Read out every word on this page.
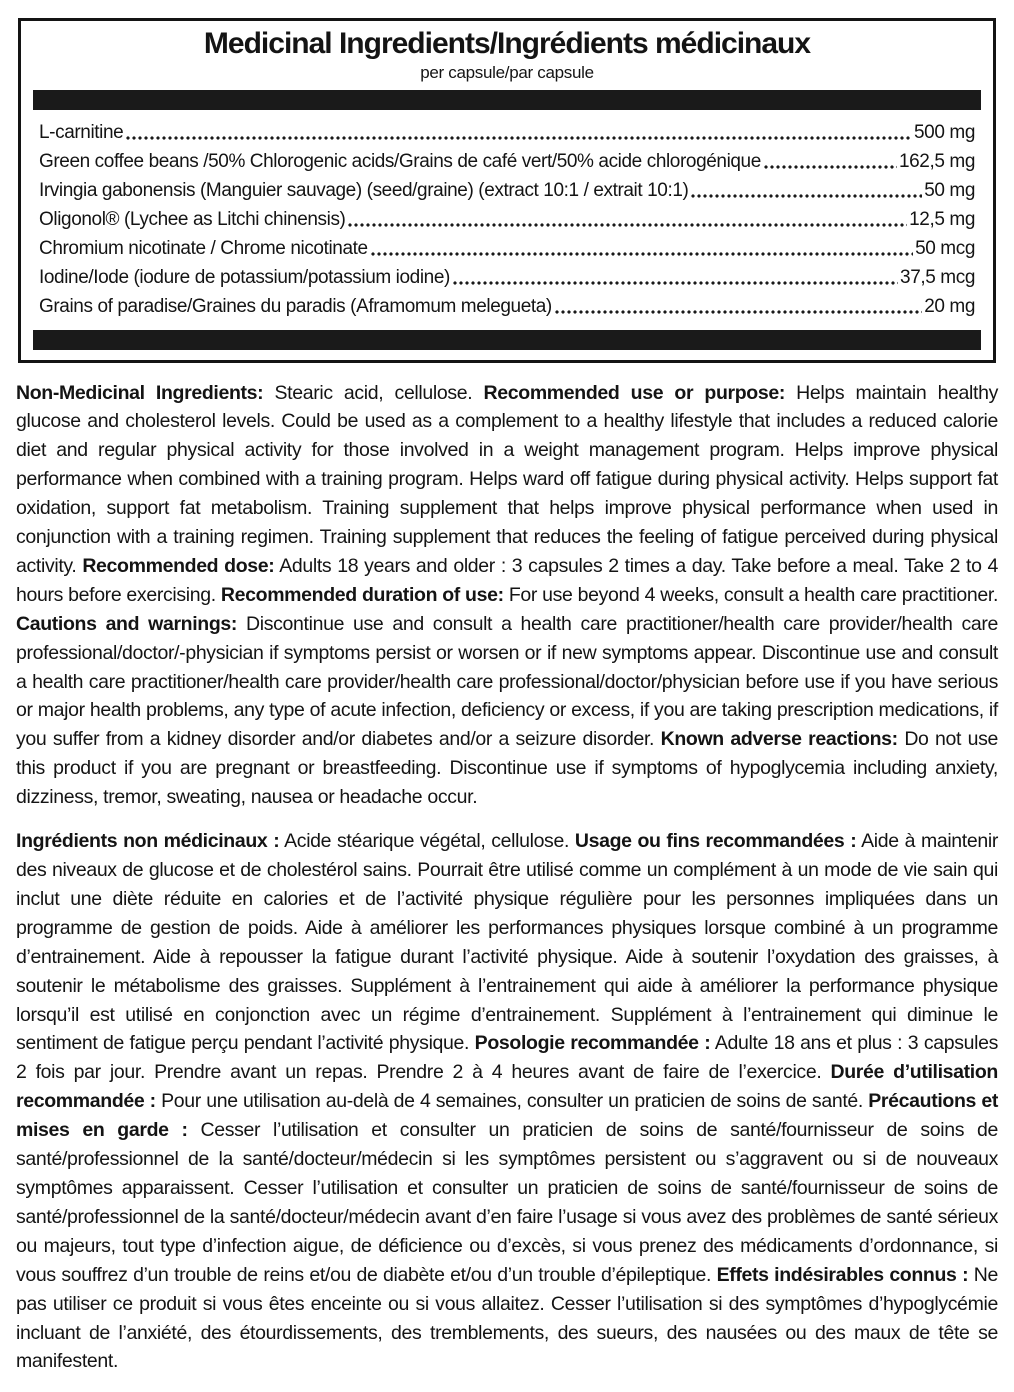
Medicinal Ingredients/Ingrédients médicinaux
per capsule/par capsule
L-carnitine	500 mg
Green coffee beans /50% Chlorogenic acids/Grains de café vert/50% acide chlorogénique	162,5 mg
Irvingia gabonensis (Manguier sauvage) (seed/graine) (extract 10:1 / extrait 10:1)	50 mg
Oligonol® (Lychee as Litchi chinensis)	12,5 mg
Chromium nicotinate / Chrome nicotinate	50 mcg
Iodine/Iode (iodure de potassium/potassium iodine)	37,5 mcg
Grains of paradise/Graines du paradis (Aframomum melegueta)	20 mg

Non-Medicinal Ingredients: Stearic acid, cellulose. Recommended use or purpose: Helps maintain healthy glucose and cholesterol levels. Could be used as a complement to a healthy lifestyle that includes a reduced calorie diet and regular physical activity for those involved in a weight management program. Helps improve physical performance when combined with a training program. Helps ward off fatigue during physical activity. Helps support fat oxidation, support fat metabolism. Training supplement that helps improve physical performance when used in conjunction with a training regimen. Training supplement that reduces the feeling of fatigue perceived during physical activity. Recommended dose: Adults 18 years and older : 3 capsules 2 times a day. Take before a meal. Take 2 to 4 hours before exercising. Recommended duration of use: For use beyond 4 weeks, consult a health care practitioner. Cautions and warnings: Discontinue use and consult a health care practitioner/health care provider/health care professional/doctor/-physician if symptoms persist or worsen or if new symptoms appear. Discontinue use and consult a health care practitioner/health care provider/health care professional/doctor/physician before use if you have serious or major health problems, any type of acute infection, deficiency or excess, if you are taking prescription medications, if you suffer from a kidney disorder and/or diabetes and/or a seizure disorder. Known adverse reactions: Do not use this product if you are pregnant or breastfeeding. Discontinue use if symptoms of hypoglycemia including anxiety, dizziness, tremor, sweating, nausea or headache occur.

Ingrédients non médicinaux : Acide stéarique végétal, cellulose. Usage ou fins recommandées : Aide à maintenir des niveaux de glucose et de cholestérol sains. Pourrait être utilisé comme un complément à un mode de vie sain qui inclut une diète réduite en calories et de l’activité physique régulière pour les personnes impliquées dans un programme de gestion de poids. Aide à améliorer les performances physiques lorsque combiné à un programme d’entrainement. Aide à repousser la fatigue durant l’activité physique. Aide à soutenir l’oxydation des graisses, à soutenir le métabolisme des graisses. Supplément à l’entrainement qui aide à améliorer la performance physique lorsqu’il est utilisé en conjonction avec un régime d’entrainement. Supplément à l’entrainement qui diminue le sentiment de fatigue perçu pendant l’activité physique. Posologie recommandée : Adulte 18 ans et plus : 3 capsules 2 fois par jour. Prendre avant un repas. Prendre 2 à 4 heures avant de faire de l’exercice. Durée d’utilisation recommandée : Pour une utilisation au-delà de 4 semaines, consulter un praticien de soins de santé. Précautions et mises en garde : Cesser l’utilisation et consulter un praticien de soins de santé/fournisseur de soins de santé/professionnel de la santé/docteur/médecin si les symptômes persistent ou s’aggravent ou si de nouveaux symptômes apparaissent. Cesser l’utilisation et consulter un praticien de soins de santé/fournisseur de soins de santé/professionnel de la santé/docteur/médecin avant d’en faire l’usage si vous avez des problèmes de santé sérieux ou majeurs, tout type d’infection aigue, de déficience ou d’excès, si vous prenez des médicaments d’ordonnance, si vous souffrez d’un trouble de reins et/ou de diabète et/ou d’un trouble d’épileptique. Effets indésirables connus : Ne pas utiliser ce produit si vous êtes enceinte ou si vous allaitez. Cesser l’utilisation si des symptômes d’hypoglycémie incluant de l’anxiété, des étourdissements, des tremblements, des sueurs, des nausées ou des maux de tête se manifestent.
